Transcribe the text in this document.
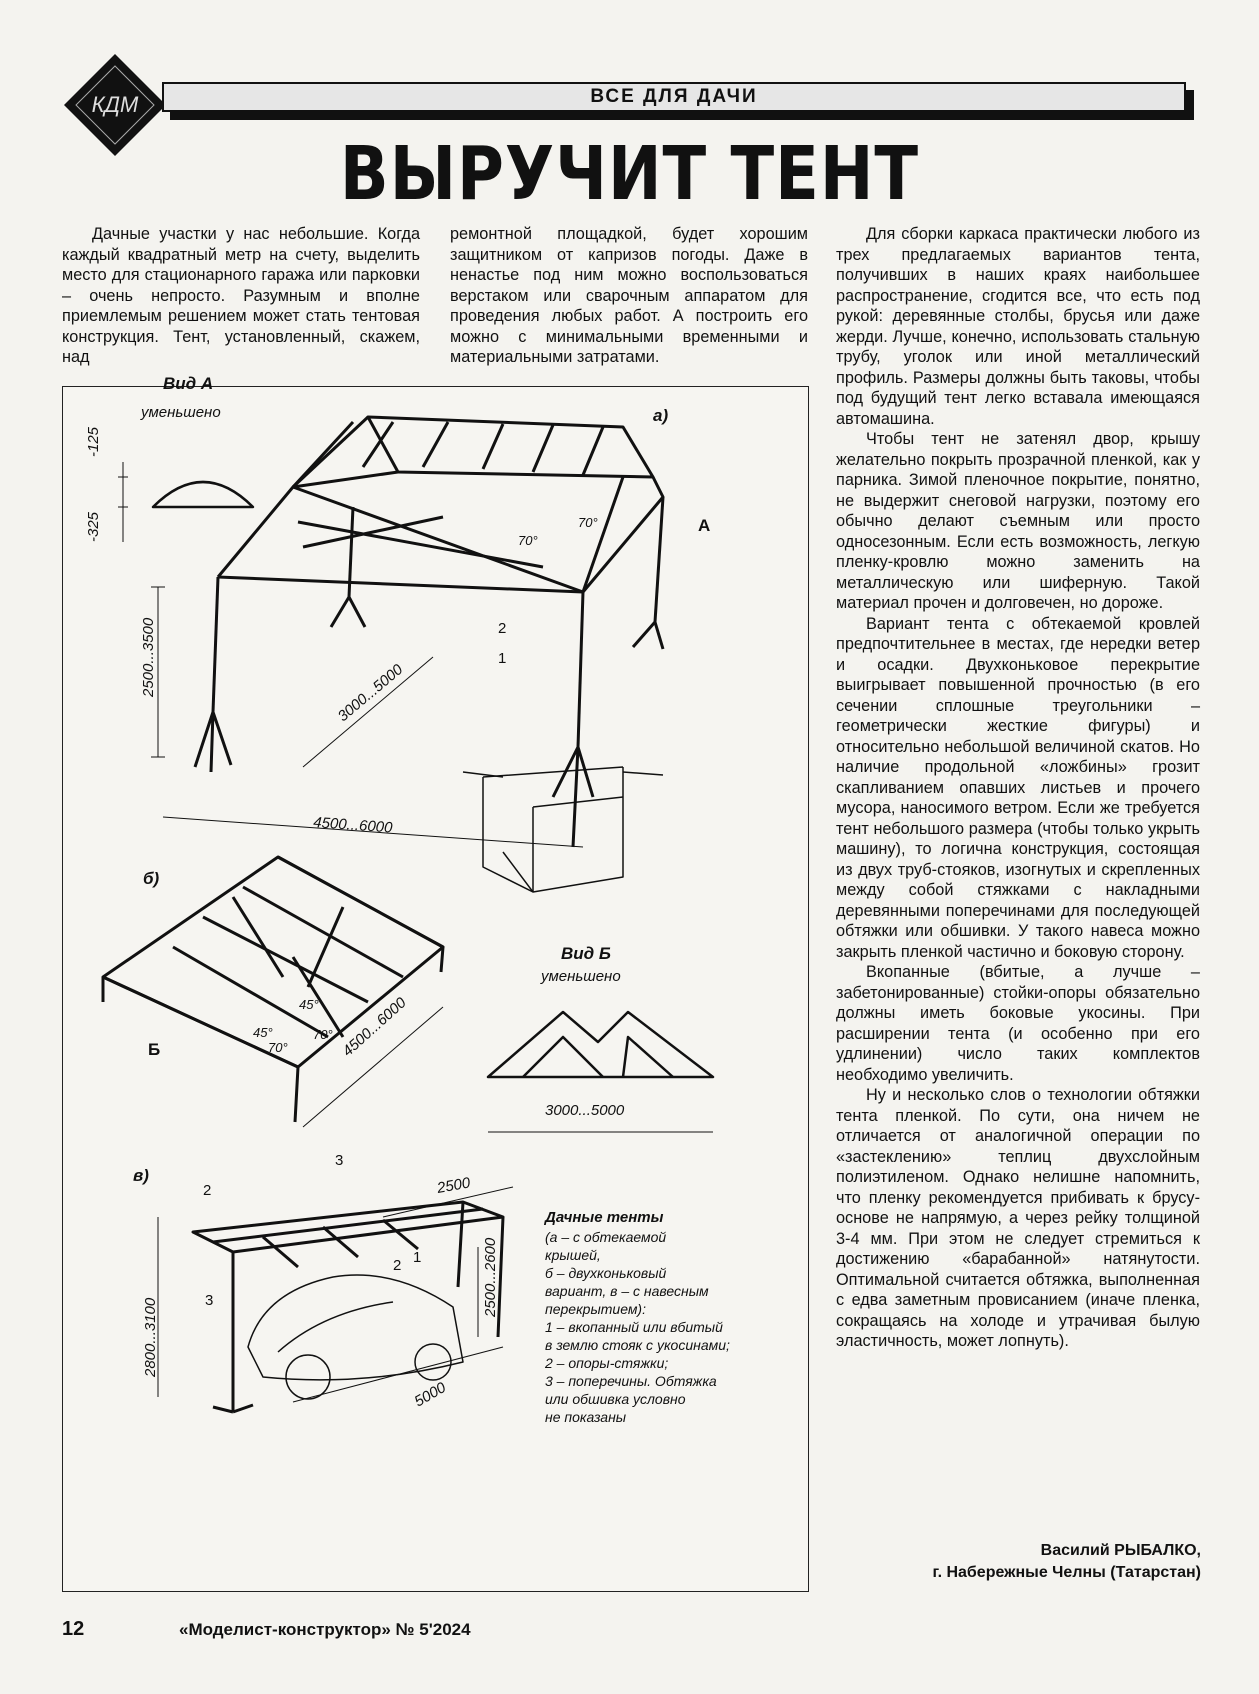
КДМ	ВСЕ ДЛЯ ДАЧИ
ВЫРУЧИТ ТЕНТ

Дачные участки у нас небольшие. Когда каждый квадратный метр на счету, выделить место для стационарного гаража или парковки – очень непросто. Разумным и вполне приемлемым решением может стать тентовая конструкция. Тент, установленный, скажем, над

ремонтной площадкой, будет хорошим защитником от капризов погоды. Даже в ненастье под ним можно воспользоваться верстаком или сварочным аппаратом для проведения любых работ. А построить его можно с минимальными временными и материальными затратами.

Для сборки каркаса практически любого из трех предлагаемых вариантов тента, получивших в наших краях наибольшее распространение, сгодится все, что есть под рукой: деревянные столбы, брусья или даже жерди. Лучше, конечно, использовать стальную трубу, уголок или иной металлический профиль. Размеры должны быть таковы, чтобы под будущий тент легко вставала имеющаяся автомашина.

Чтобы тент не затенял двор, крышу желательно покрыть прозрачной пленкой, как у парника. Зимой пленочное покрытие, понятно, не выдержит снеговой нагрузки, поэтому его обычно делают съемным или просто односезонным. Если есть возможность, легкую пленку-кровлю можно заменить на металлическую или шиферную. Такой материал прочен и долговечен, но дороже.

Вариант тента с обтекаемой кровлей предпочтительнее в местах, где нередки ветер и осадки. Двухконьковое перекрытие выигрывает повышенной прочностью (в его сечении сплошные треугольники – геометрически жесткие фигуры) и относительно небольшой величиной скатов. Но наличие продольной «ложбины» грозит скапливанием опавших листьев и прочего мусора, наносимого ветром. Если же требуется тент небольшого размера (чтобы только укрыть машину), то логична конструкция, состоящая из двух труб-стояков, изогнутых и скрепленных между собой стяжками с накладными деревянными поперечинами для последующей обтяжки или обшивки. У такого навеса можно закрыть пленкой частично и боковую сторону.

Вкопанные (вбитые, а лучше – забетонированные) стойки-опоры обязательно должны иметь боковые укосины. При расширении тента (и особенно при его удлинении) число таких комплектов необходимо увеличить.

Ну и несколько слов о технологии обтяжки тента пленкой. По сути, она ничем не отличается от аналогичной операции по «застеклению» теплиц двухслойным полиэтиленом. Однако нелишне напомнить, что пленку рекомендуется прибивать к брусу-основе не напрямую, а через рейку толщиной 3-4 мм. При этом не следует стремиться к достижению «барабанной» натянутости. Оптимальной считается обтяжка, выполненная с едва заметным провисанием (иначе пленка, сокращаясь на холоде и утрачивая былую эластичность, может лопнуть).

Вид А
уменьшено	а)
A
-125
-325
2500...3500	3000...5000
4500...6000
70°
70°
2
1
б)
Б	4500...6000
45°
45°	70°
70°
Вид Б
уменьшено
3000...5000
в)
3
2
3
2 1
2500
2500...2600
2800...3100
5000
Дачные тенты
(а – с обтекаемой
крышей,
б – двухконьковый
вариант, в – с навесным
перекрытием):
1 – вкопанный или вбитый
в землю стояк с укосинами;
2 – опоры-стяжки;
3 – поперечины. Обтяжка
или обшивка условно
не показаны
Василий РЫБАЛКО,
г. Набережные Челны (Татарстан)
12	«Моделист-конструктор» № 5'2024
